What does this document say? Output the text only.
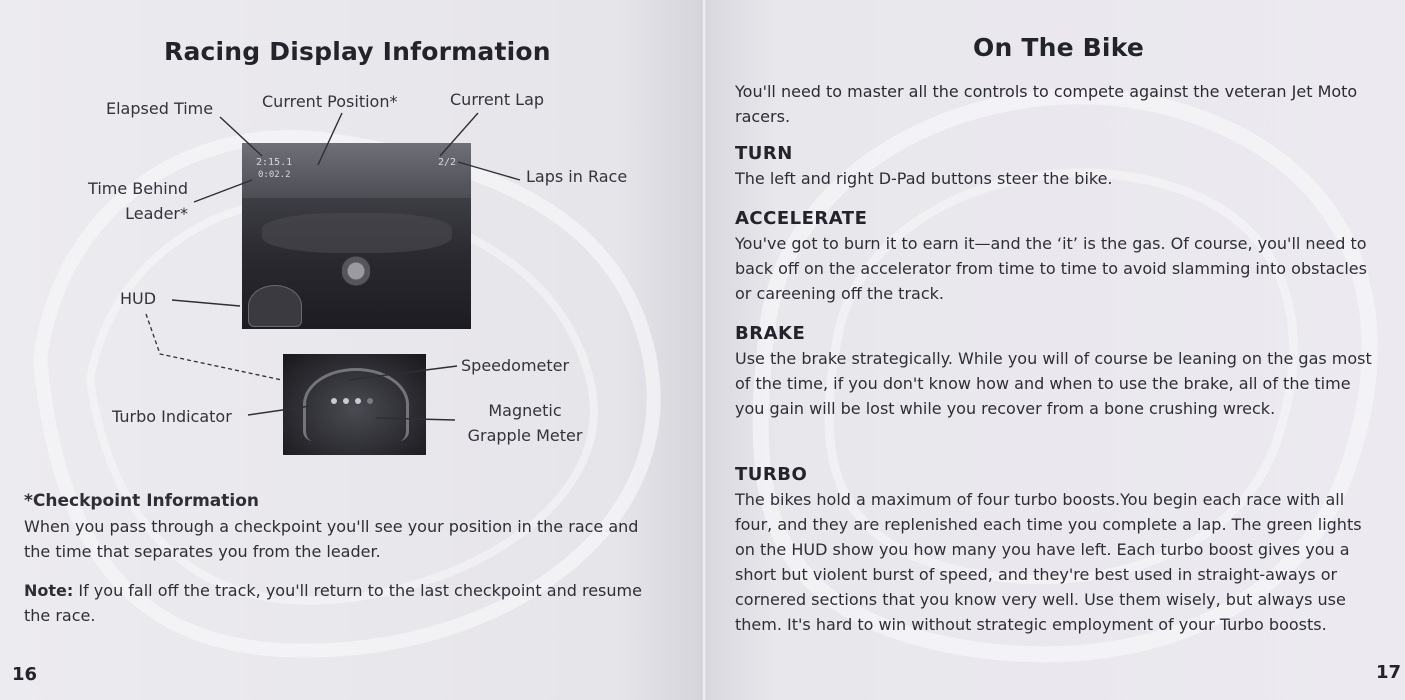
Racing Display Information
2:15.1
0:02.2
2/2
Elapsed Time	Current Position*	Current Lap
Time Behind
Leader*
Laps in Race
HUD
Speedometer
Turbo Indicator	Magnetic
Grapple Meter

*Checkpoint Information

When you pass through a checkpoint you'll see your position in the race and the time that separates you from the leader.

Note: If you fall off the track, you'll return to the last checkpoint and resume the race.

16
On The Bike
You'll need to master all the controls to compete against the veteran Jet Moto racers.
TURN

The left and right D-Pad buttons steer the bike.

ACCELERATE

You've got to burn it to earn it—and the ‘it’ is the gas. Of course, you'll need to back off on the accelerator from time to time to avoid slamming into obstacles or careening off the track.

BRAKE

Use the brake strategically. While you will of course be leaning on the gas most of the time, if you don't know how and when to use the brake, all of the time you gain will be lost while you recover from a bone crushing wreck.

TURBO

The bikes hold a maximum of four turbo boosts.You begin each race with all four, and they are replenished each time you complete a lap. The green lights on the HUD show you how many you have left. Each turbo boost gives you a short but violent burst of speed, and they're best used in straight-aways or cornered sections that you know very well. Use them wisely, but always use them. It's hard to win without strategic employment of your Turbo boosts.

17
